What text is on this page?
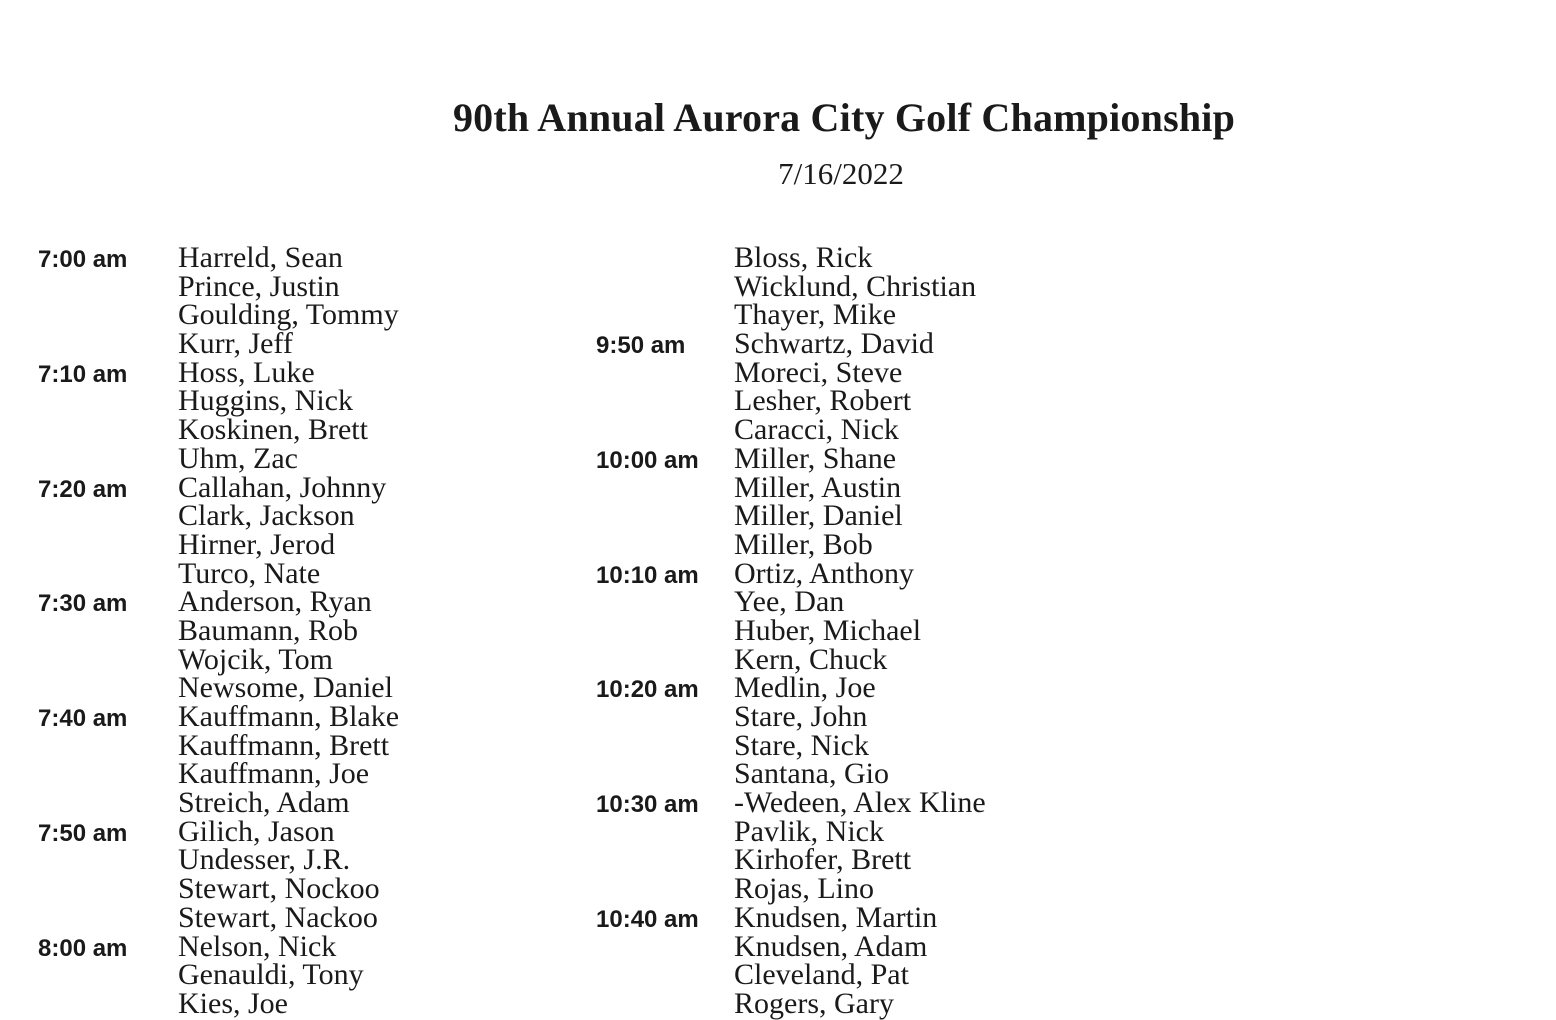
90th Annual Aurora City Golf Championship
7/16/2022
7:00 am Harreld, Sean
Prince, Justin
Goulding, Tommy
Kurr, Jeff
7:10 am Hoss, Luke
Huggins, Nick
Koskinen, Brett
Uhm, Zac
7:20 am Callahan, Johnny
Clark, Jackson
Hirner, Jerod
Turco, Nate
7:30 am Anderson, Ryan
Baumann, Rob
Wojcik, Tom
Newsome, Daniel
7:40 am Kauffmann, Blake
Kauffmann, Brett
Kauffmann, Joe
Streich, Adam
7:50 am Gilich, Jason
Undesser, J.R.
Stewart, Nockoo
Stewart, Nackoo
8:00 am Nelson, Nick
Genauldi, Tony
Kies, Joe
Bloss, Rick
Wicklund, Christian
Thayer, Mike
9:50 am Schwartz, David
Moreci, Steve
Lesher, Robert
Caracci, Nick
10:00 am Miller, Shane
Miller, Austin
Miller, Daniel
Miller, Bob
10:10 am Ortiz, Anthony
Yee, Dan
Huber, Michael
Kern, Chuck
10:20 am Medlin, Joe
Stare, John
Stare, Nick
Santana, Gio
10:30 am -Wedeen, Alex Kline
Pavlik, Nick
Kirhofer, Brett
Rojas, Lino
10:40 am Knudsen, Martin
Knudsen, Adam
Cleveland, Pat
Rogers, Gary
